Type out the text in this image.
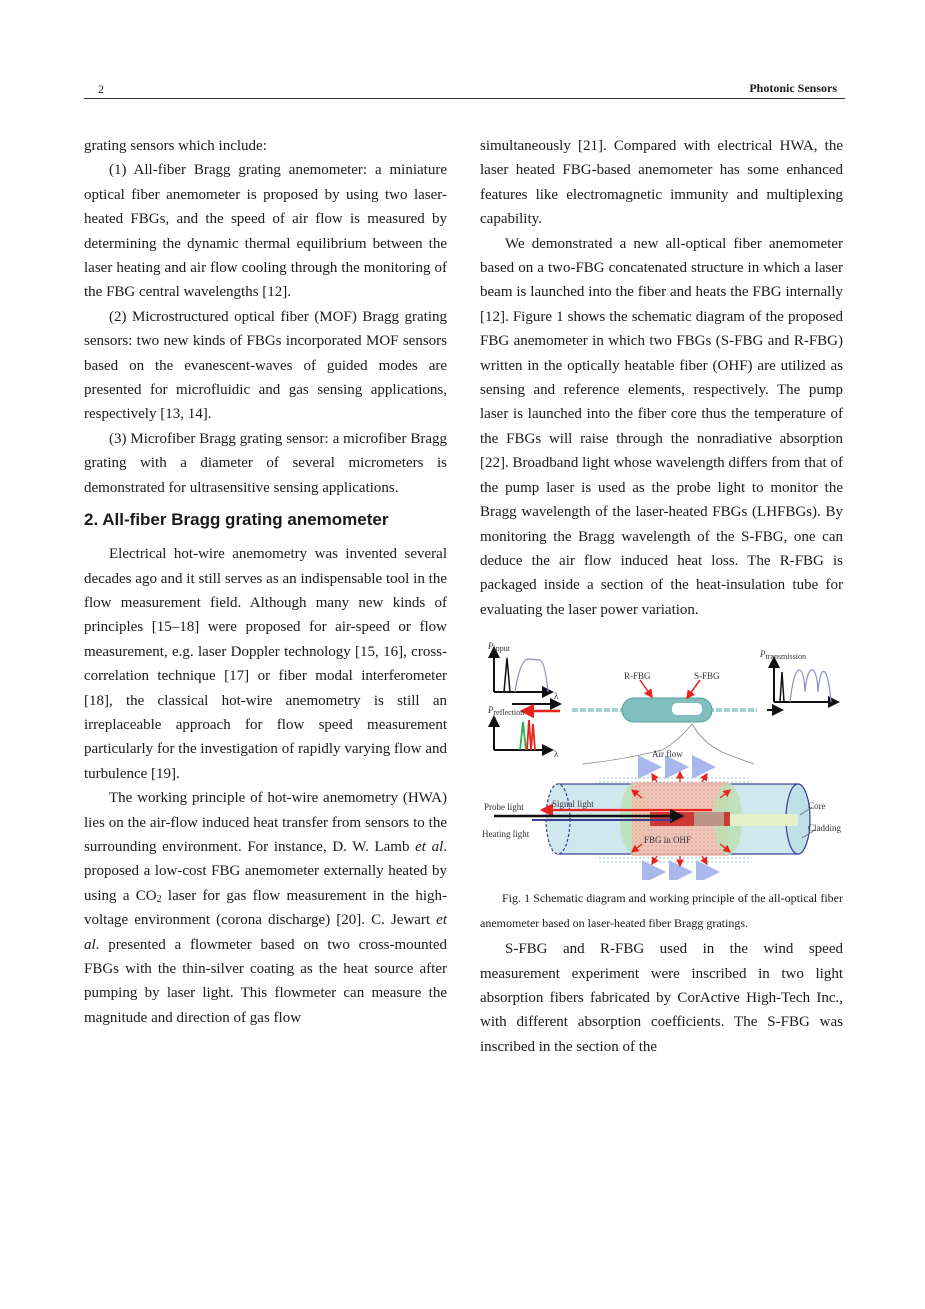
2	Photonic Sensors

grating sensors which include:

(1) All-fiber Bragg grating anemometer: a miniature optical fiber anemometer is proposed by using two laser-heated FBGs, and the speed of air flow is measured by determining the dynamic thermal equilibrium between the laser heating and air flow cooling through the monitoring of the FBG central wavelengths [12].

(2) Microstructured optical fiber (MOF) Bragg grating sensors: two new kinds of FBGs incorporated MOF sensors based on the evanescent-waves of guided modes are presented for microfluidic and gas sensing applications, respectively [13, 14].

(3) Microfiber Bragg grating sensor: a microfiber Bragg grating with a diameter of several micrometers is demonstrated for ultrasensitive sensing applications.

2. All-fiber Bragg grating anemometer

Electrical hot-wire anemometry was invented several decades ago and it still serves as an indispensable tool in the flow measurement field. Although many new kinds of principles [15–18] were proposed for air-speed or flow measurement, e.g. laser Doppler technology [15, 16], cross-correlation technique [17] or fiber modal interferometer [18], the classical hot-wire anemometry is still an irreplaceable approach for flow speed measurement particularly for the investigation of rapidly varying flow and turbulence [19].

The working principle of hot-wire anemometry (HWA) lies on the air-flow induced heat transfer from sensors to the surrounding environment. For instance, D. W. Lamb et al. proposed a low-cost FBG anemometer externally heated by using a $CO_2$ laser for gas flow measurement in the high-voltage environment (corona discharge) [20]. C. Jewart et al. presented a flowmeter based on two cross-mounted FBGs with the thin-silver coating as the heat source after pumping by laser light. This flowmeter can measure the magnitude and direction of gas flow

simultaneously [21]. Compared with electrical HWA, the laser heated FBG-based anemometer has some enhanced features like electromagnetic immunity and multiplexing capability.

We demonstrated a new all-optical fiber anemometer based on a two-FBG concatenated structure in which a laser beam is launched into the fiber and heats the FBG internally [12]. Figure 1 shows the schematic diagram of the proposed FBG anemometer in which two FBGs (S-FBG and R-FBG) written in the optically heatable fiber (OHF) are utilized as sensing and reference elements, respectively. The pump laser is launched into the fiber core thus the temperature of the FBGs will raise through the nonradiative absorption [22]. Broadband light whose wavelength differs from that of the pump laser is used as the probe light to monitor the Bragg wavelength of the laser-heated FBGs (LHFBGs). By monitoring the Bragg wavelength of the S-FBG, one can deduce the air flow induced heat loss. The R-FBG is packaged inside a section of the heat-insulation tube for evaluating the laser power variation.

$P_{input}$
λ
$P_{reflection}$
λ
R-FBG	S-FBG
$P_{transmission}$
Air flow
Probe light	Signal light
Heating light
FBG in OHF
Core
Cladding

Fig. 1 Schematic diagram and working principle of the all-optical fiber anemometer based on laser-heated fiber Bragg gratings.

S-FBG and R-FBG used in the wind speed measurement experiment were inscribed in two light absorption fibers fabricated by CorActive High-Tech Inc., with different absorption coefficients. The S-FBG was inscribed in the section of the
